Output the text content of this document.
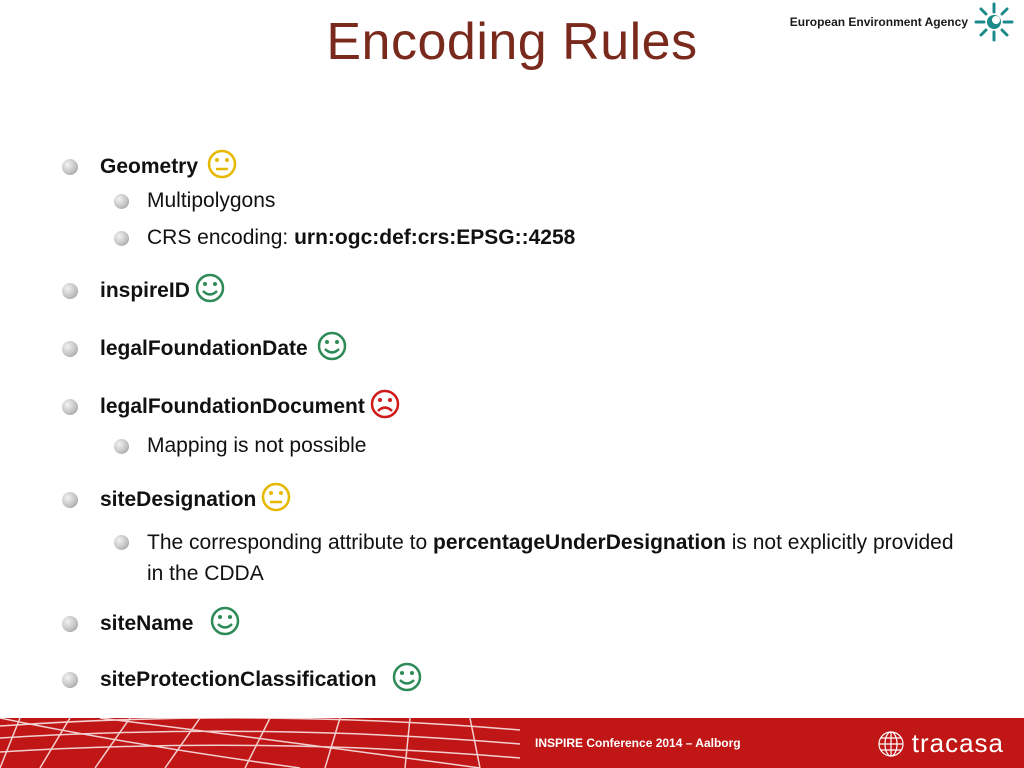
Encoding Rules	European Environment Agency
Geometry
Multipolygons
CRS encoding: urn:ogc:def:crs:EPSG::4258
inspireID
legalFoundationDate
legalFoundationDocument
Mapping is not possible
siteDesignation
The corresponding attribute to percentageUnderDesignation is not explicitly provided in the CDDA
siteName
siteProtectionClassification
INSPIRE Conference 2014 – Aalborg	tracasa
